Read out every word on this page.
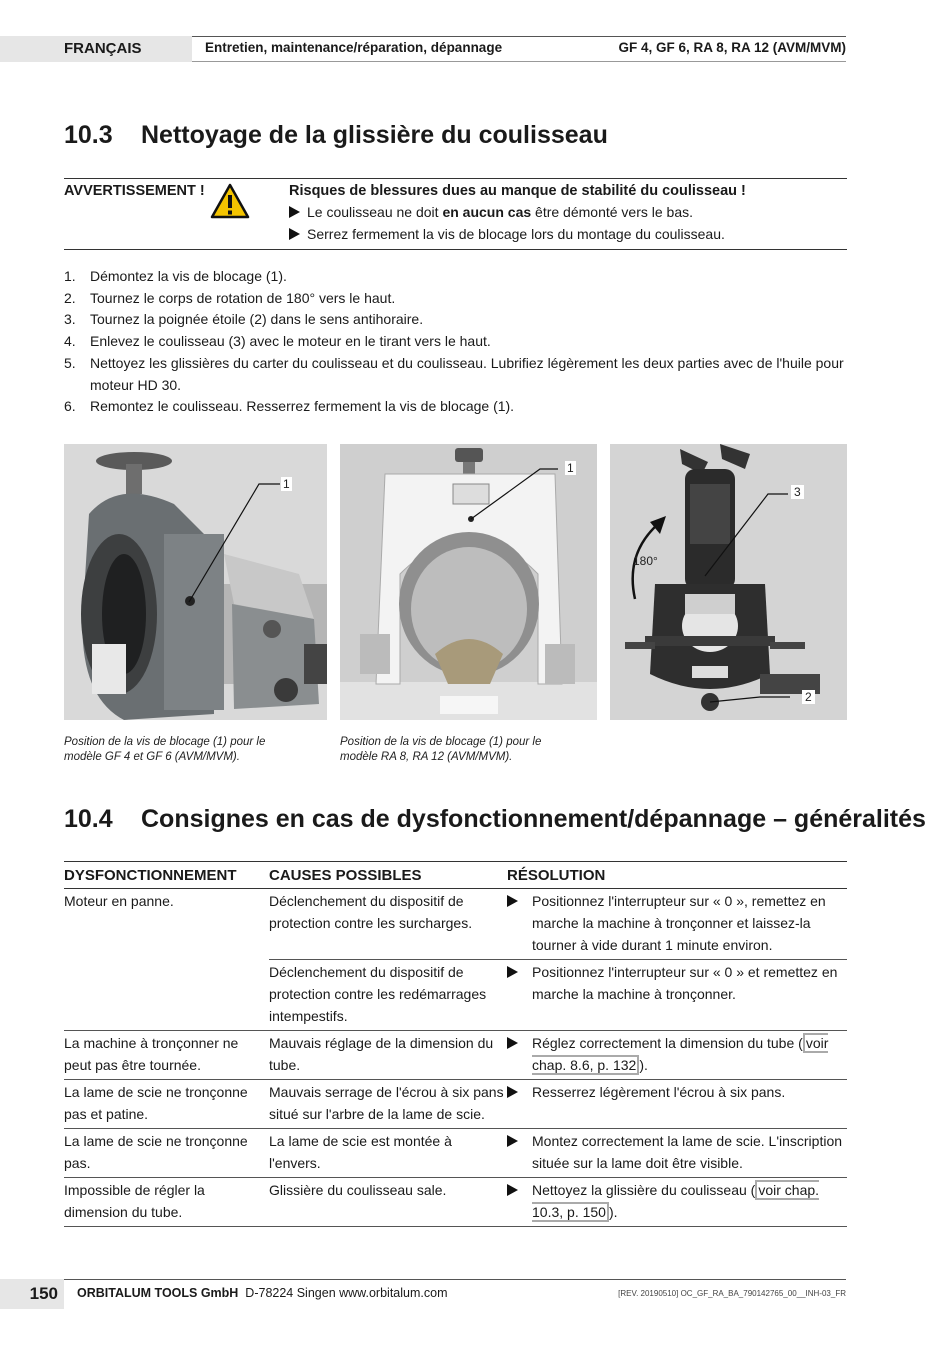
FRANÇAIS	Entretien, maintenance/réparation, dépannage	GF 4, GF 6, RA 8, RA 12 (AVM/MVM)
10.3 Nettoyage de la glissière du coulisseau
AVVERTISSEMENT !	Risques de blessures dues au manque de stabilité du coulisseau !
Le coulisseau ne doit en aucun cas être démonté vers le bas.
Serrez fermement la vis de blocage lors du montage du coulisseau.
1. Démontez la vis de blocage (1).
2. Tournez le corps de rotation de 180° vers le haut.
3. Tournez la poignée étoile (2) dans le sens antihoraire.
4. Enlevez le coulisseau (3) avec le moteur en le tirant vers le haut.
5. Nettoyez les glissières du carter du coulisseau et du coulisseau. Lubrifiez légèrement les deux parties avec de l'huile pour moteur HD 30.
6. Remontez le coulisseau. Resserrez fermement la vis de blocage (1).
1
1
180°
3
2
Position de la vis de blocage (1) pour le modèle GF 4 et GF 6 (AVM/MVM).
Position de la vis de blocage (1) pour le modèle RA 8, RA 12 (AVM/MVM).
10.4 Consignes en cas de dysfonctionnement/dépannage – généralités
DYSFONCTIONNEMENT	CAUSES POSSIBLES	RÉSOLUTION
Moteur en panne.	Déclenchement du dispositif de protection contre les surcharges.	Positionnez l'interrupteur sur « 0 », remettez en marche la machine à tronçonner et laissez-la tourner à vide durant 1 minute environ.
	Déclenchement du dispositif de protection contre les redémarrages intempestifs.	Positionnez l'interrupteur sur « 0 » et remettez en marche la machine à tronçonner.
La machine à tronçonner ne peut pas être tournée.	Mauvais réglage de la dimension du tube.	Réglez correctement la dimension du tube ( voir chap. 8.6, p. 132 ).
La lame de scie ne tronçonne pas et patine.	Mauvais serrage de l'écrou à six pans situé sur l'arbre de la lame de scie.	Resserrez légèrement l'écrou à six pans.
La lame de scie ne tronçonne pas.	La lame de scie est montée à l'envers.	Montez correctement la lame de scie. L'inscription située sur la lame doit être visible.
Impossible de régler la dimension du tube.	Glissière du coulisseau sale.	Nettoyez la glissière du coulisseau ( voir chap. 10.3, p. 150 ).
150 ORBITALUM TOOLS GmbH D-78224 Singen www.orbitalum.com	[REV. 20190510] OC_GF_RA_BA_790142765_00__INH-03_FR
